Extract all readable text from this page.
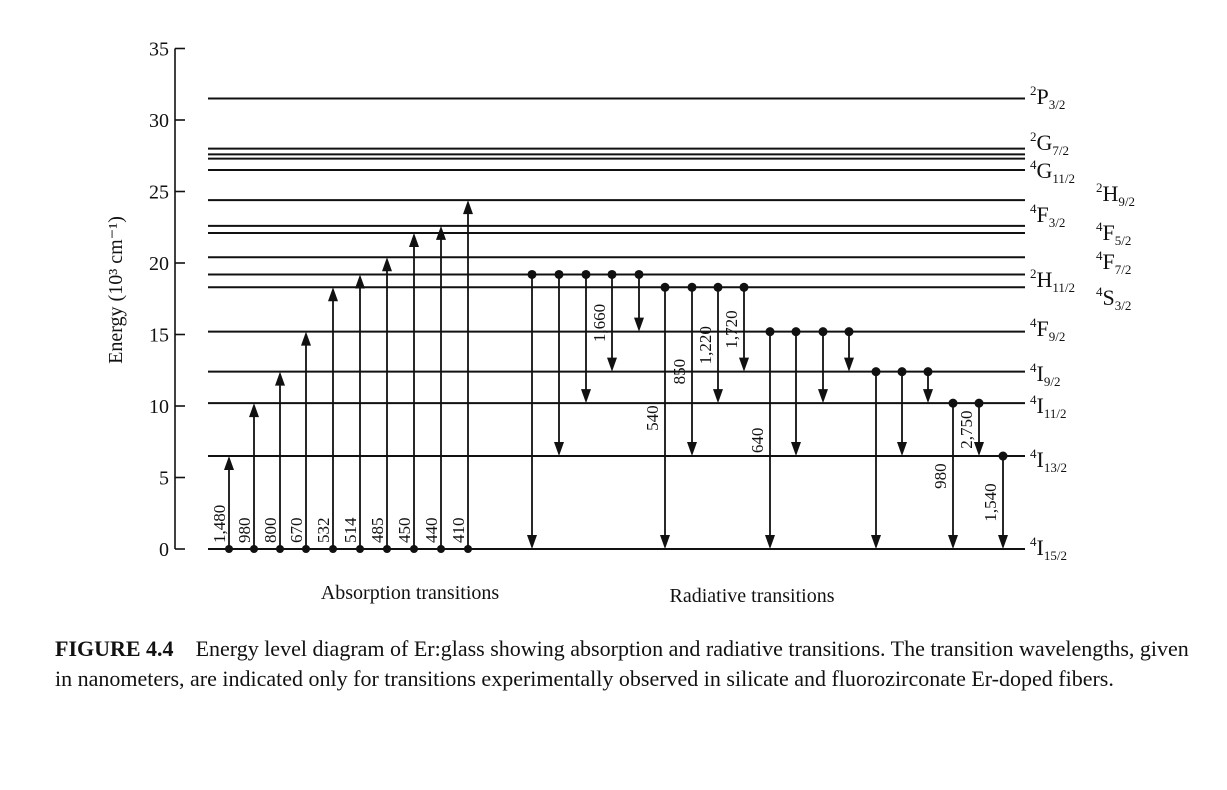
0
5
10
15
20
25
30
35
Energy (10³ cm⁻¹)
$^2P_{3/2}$
$^2G_{7/2}$
$^4G_{11/2}$
$^2H_{9/2}$
$^4F_{3/2}$ $^4F_{5/2}$
$^4F_{7/2}$
$^2H_{11/2}$ $^4S_{3/2}$
$^4F_{9/2}$
$^4I_{9/2}$
$^4I_{11/2}$
$^4I_{13/2}$
$^4I_{15/2}$
1,480 980 800 670 532 514 485 450 440 410
1,660
540
850
1,220 1,720
640
980
2,750
1,540
Absorption transitions	Radiative transitions
FIGURE 4.4 Energy level diagram of Er:glass showing absorption and radiative transitions. The transition wavelengths, given in nanometers, are indicated only for transitions experimentally observed in silicate and fluorozirconate Er-doped fibers.
